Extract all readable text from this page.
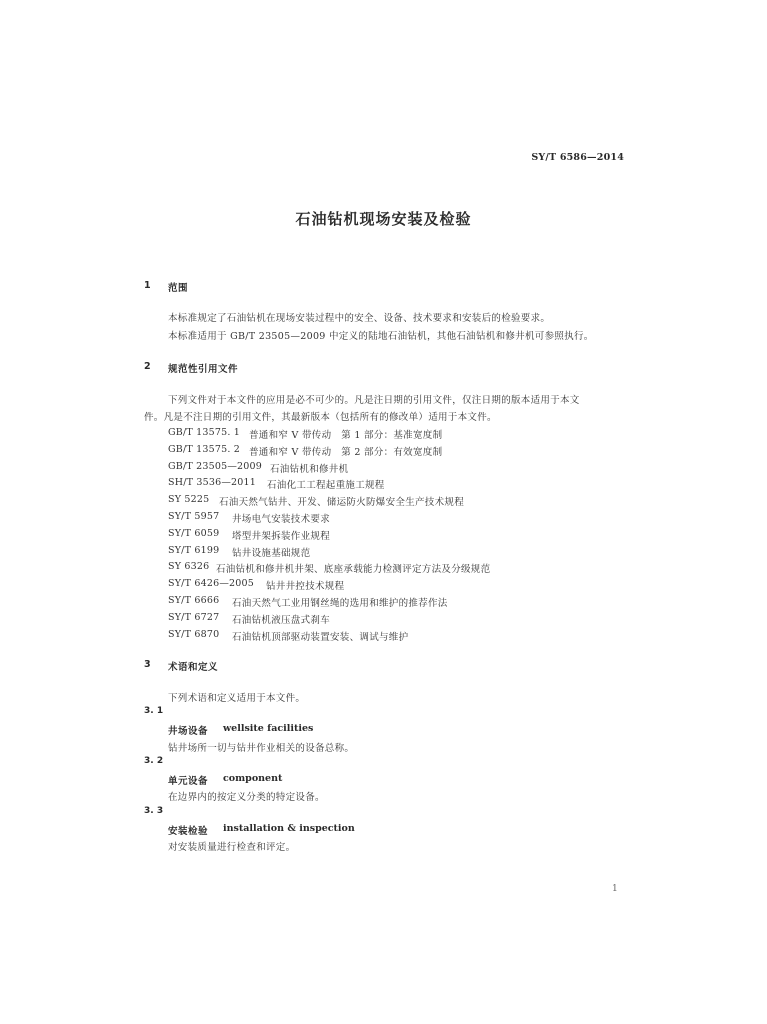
SY/T 6586—2014
石油钻机现场安装及检验
1 范围
本标准规定了石油钻机在现场安装过程中的安全、设备、技术要求和安装后的检验要求。
本标准适用于 GB/T 23505—2009 中定义的陆地石油钻机，其他石油钻机和修井机可参照执行。
2 规范性引用文件
下列文件对于本文件的应用是必不可少的。凡是注日期的引用文件，仅注日期的版本适用于本文
件。凡是不注日期的引用文件，其最新版本（包括所有的修改单）适用于本文件。
GB/T 13575. 1 普通和窄 V 带传动　第 1 部分：基准宽度制
GB/T 13575. 2 普通和窄 V 带传动　第 2 部分：有效宽度制
GB/T 23505—2009 石油钻机和修井机
SH/T 3536—2011 石油化工工程起重施工规程
SY 5225 石油天然气钻井、开发、储运防火防爆安全生产技术规程
SY/T 5957 井场电气安装技术要求
SY/T 6059 塔型井架拆装作业规程
SY/T 6199 钻井设施基础规范
SY 6326 石油钻机和修井机井架、底座承载能力检测评定方法及分级规范
SY/T 6426—2005 钻井井控技术规程
SY/T 6666 石油天然气工业用钢丝绳的选用和维护的推荐作法
SY/T 6727 石油钻机液压盘式刹车
SY/T 6870 石油钻机顶部驱动装置安装、调试与维护
3 术语和定义
下列术语和定义适用于本文件。
3. 1
井场设备 wellsite facilities
钻井场所一切与钻井作业相关的设备总称。
3. 2
单元设备 component
在边界内的按定义分类的特定设备。
3. 3
安装检验 installation & inspection
对安装质量进行检查和评定。
1
